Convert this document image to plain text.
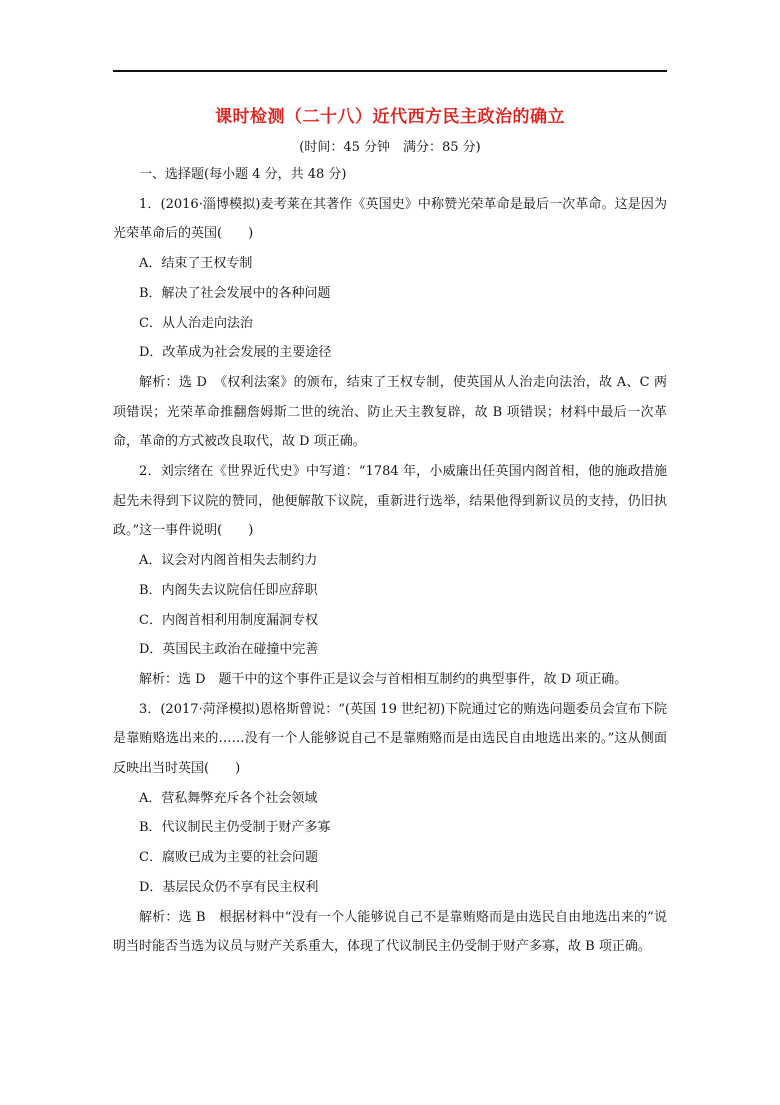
课时检测（二十八）近代西方民主政治的确立
(时间：45 分钟　满分：85 分)

一、选择题(每小题 4 分，共 48 分)

1．(2016·淄博模拟)麦考莱在其著作《英国史》中称赞光荣革命是最后一次革命。这是因为光荣革命后的英国(　　)

A．结束了王权专制

B．解决了社会发展中的各种问题

C．从人治走向法治

D．改革成为社会发展的主要途径

解析：选 D　《权利法案》的颁布，结束了王权专制，使英国从人治走向法治，故 A、C 两项错误；光荣革命推翻詹姆斯二世的统治、防止天主教复辟，故 B 项错误；材料中最后一次革命，革命的方式被改良取代，故 D 项正确。

2．刘宗绪在《世界近代史》中写道：“1784 年，小威廉出任英国内阁首相，他的施政措施起先未得到下议院的赞同，他便解散下议院，重新进行选举，结果他得到新议员的支持，仍旧执政。”这一事件说明(　　)

A．议会对内阁首相失去制约力

B．内阁失去议院信任即应辞职

C．内阁首相利用制度漏洞专权

D．英国民主政治在碰撞中完善

解析：选 D　题干中的这个事件正是议会与首相相互制约的典型事件，故 D 项正确。

3．(2017·菏泽模拟)恩格斯曾说：“(英国 19 世纪初)下院通过它的贿选问题委员会宣布下院是靠贿赂选出来的……没有一个人能够说自己不是靠贿赂而是由选民自由地选出来的。”这从侧面反映出当时英国(　　)

A．营私舞弊充斥各个社会领域

B．代议制民主仍受制于财产多寡

C．腐败已成为主要的社会问题

D．基层民众仍不享有民主权利

解析：选 B　根据材料中“没有一个人能够说自己不是靠贿赂而是由选民自由地选出来的”说明当时能否当选为议员与财产关系重大，体现了代议制民主仍受制于财产多寡，故 B 项正确。
